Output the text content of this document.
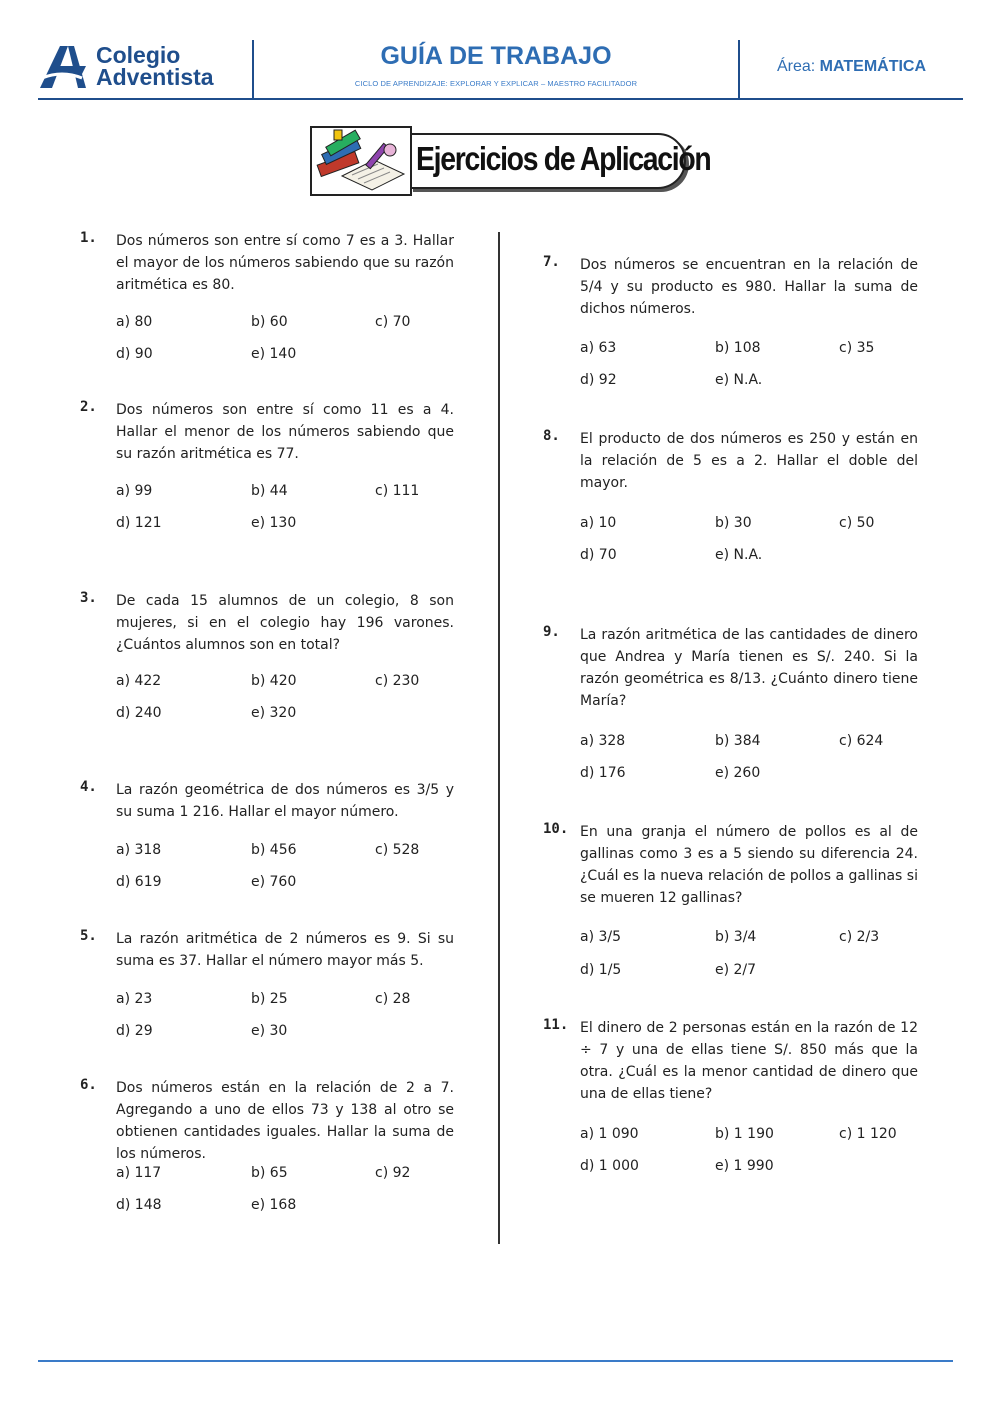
Colegio
Adventista
GUÍA DE TRABAJO
CICLO DE APRENDIZAJE: EXPLORAR Y EXPLICAR – MAESTRO FACILITADOR
Área: MATEMÁTICA
Ejercicios de Aplicación
1. Dos números son entre sí como 7 es a 3. Hallar el mayor de los números sabiendo que su razón aritmética es 80.
a) 80	b) 60	c) 70
d) 90	e) 140
2. Dos números son entre sí como 11 es a 4. Hallar el menor de los números sabiendo que su razón aritmética es 77.
a) 99	b) 44	c) 111
d) 121	e) 130
3. De cada 15 alumnos de un colegio, 8 son mujeres, si en el colegio hay 196 varones. ¿Cuántos alumnos son en total?
a) 422	b) 420	c) 230
d) 240	e) 320
4. La razón geométrica de dos números es 3/5 y su suma 1 216. Hallar el mayor número.
a) 318	b) 456	c) 528
d) 619	e) 760
5. La razón aritmética de 2 números es 9. Si su suma es 37. Hallar el número mayor más 5.
a) 23	b) 25	c) 28
d) 29	e) 30
6. Dos números están en la relación de 2 a 7. Agregando a uno de ellos 73 y 138 al otro se obtienen cantidades iguales. Hallar la suma de los números.
a) 117	b) 65	c) 92
d) 148	e) 168
7. Dos números se encuentran en la relación de 5/4 y su producto es 980. Hallar la suma de dichos números.
a) 63	b) 108	c) 35
d) 92	e) N.A.
8. El producto de dos números es 250 y están en la relación de 5 es a 2. Hallar el doble del mayor.
a) 10	b) 30	c) 50
d) 70	e) N.A.
9. La razón aritmética de las cantidades de dinero que Andrea y María tienen es S/. 240. Si la razón geométrica es 8/13. ¿Cuánto dinero tiene María?
a) 328	b) 384	c) 624
d) 176	e) 260
10. En una granja el número de pollos es al de gallinas como 3 es a 5 siendo su diferencia 24. ¿Cuál es la nueva relación de pollos a gallinas si se mueren 12 gallinas?
a) 3/5	b) 3/4	c) 2/3
d) 1/5	e) 2/7
11. El dinero de 2 personas están en la razón de 12 ÷ 7 y una de ellas tiene S/. 850 más que la otra. ¿Cuál es la menor cantidad de dinero que una de ellas tiene?
a) 1 090	b) 1 190	c) 1 120
d) 1 000	e) 1 990
